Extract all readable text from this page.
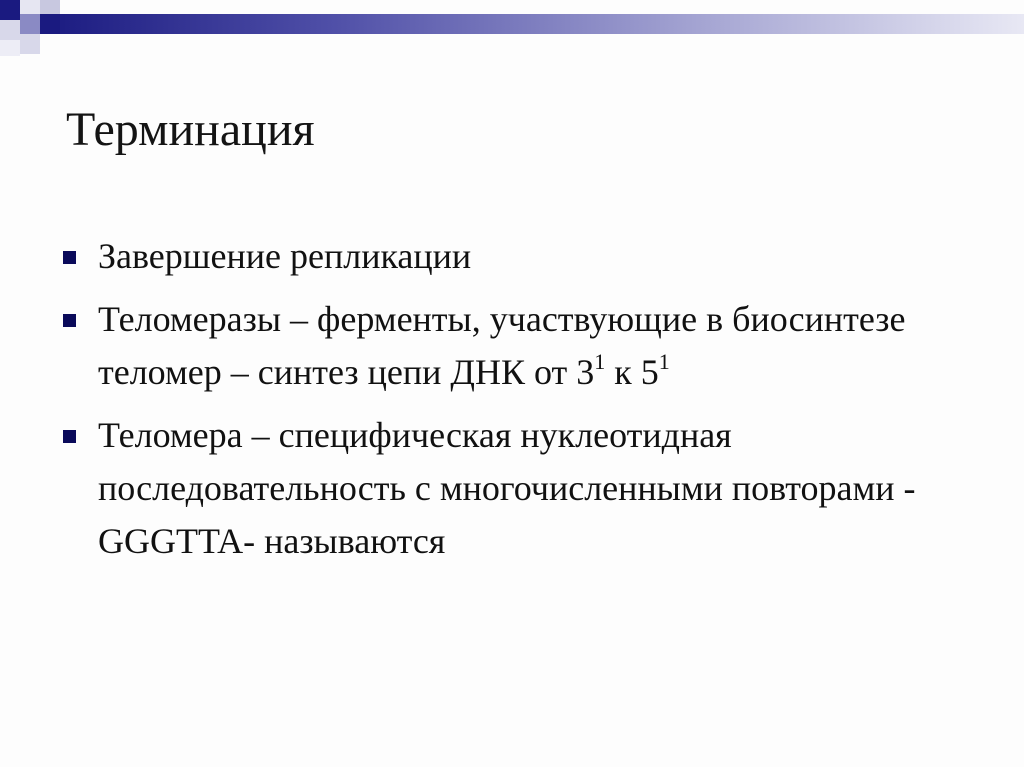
Терминация
Завершение репликации
Теломеразы – ферменты, участвующие в биосинтезе теломер – синтез цепи ДНК от $3^1$ к $5^1$
Теломера – специфическая нуклеотидная последовательность с многочисленными повторами -GGGTTA- называются
